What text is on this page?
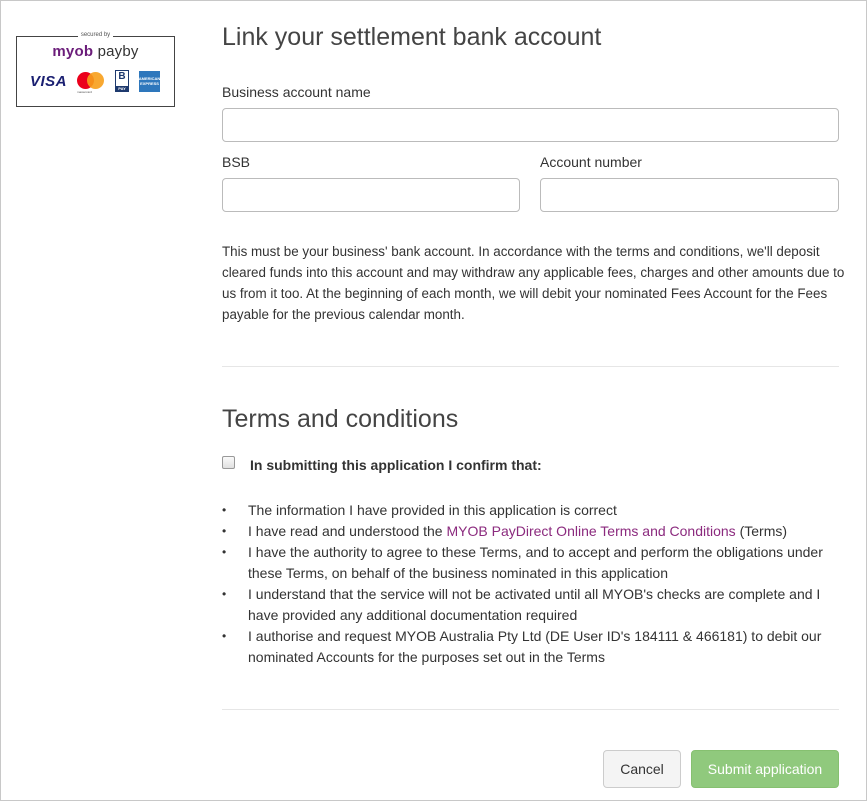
secured by
myob payby
VISA
mastercard
B
PAY
AMERICAN EXPRESS
Link your settlement bank account
Business account name
BSB	Account number

This must be your business' bank account. In accordance with the terms and conditions, we'll deposit cleared funds into this account and may withdraw any applicable fees, charges and other amounts due to us from it too. At the beginning of each month, we will debit your nominated Fees Account for the Fees payable for the previous calendar month.

Terms and conditions
In submitting this application I confirm that:
• The information I have provided in this application is correct
• I have read and understood the MYOB PayDirect Online Terms and Conditions (Terms)
• I have the authority to agree to these Terms, and to accept and perform the obligations under these Terms, on behalf of the business nominated in this application
• I understand that the service will not be activated until all MYOB's checks are complete and I have provided any additional documentation required
• I authorise and request MYOB Australia Pty Ltd (DE User ID's 184111 & 466181) to debit our nominated Accounts for the purposes set out in the Terms
Cancel	Submit application
